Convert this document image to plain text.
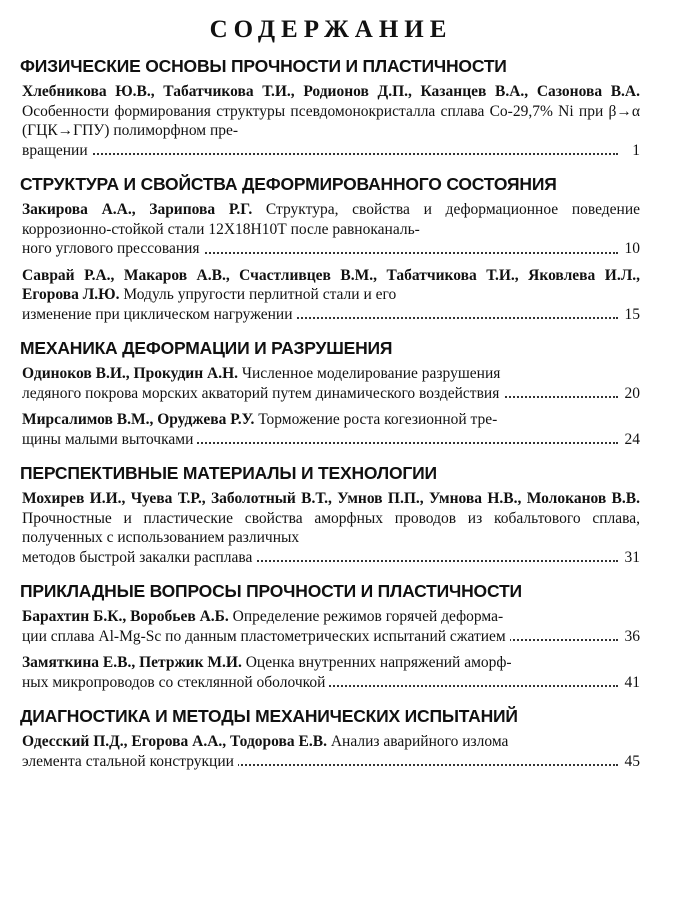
СОДЕРЖАНИЕ
ФИЗИЧЕСКИЕ ОСНОВЫ ПРОЧНОСТИ И ПЛАСТИЧНОСТИ
Хлебникова Ю.В., Табатчикова Т.И., Родионов Д.П., Казанцев В.А., Сазонова В.А. Особенности формирования структуры псевдомонокристалла сплава Со-29,7% Ni при β→α (ГЦК→ГПУ) полиморфном пре-
вращении	1
СТРУКТУРА И СВОЙСТВА ДЕФОРМИРОВАННОГО СОСТОЯНИЯ
Закирова А.А., Зарипова Р.Г. Структура, свойства и деформационное поведение коррозионно-стойкой стали 12Х18Н10Т после равноканаль-
ного углового прессования	10
Саврай Р.А., Макаров А.В., Счастливцев В.М., Табатчикова Т.И., Яковлева И.Л., Егорова Л.Ю. Модуль упругости перлитной стали и его
изменение при циклическом нагружении	15
МЕХАНИКА ДЕФОРМАЦИИ И РАЗРУШЕНИЯ
Одиноков В.И., Прокудин А.Н. Численное моделирование разрушения
ледяного покрова морских акваторий путем динамического воздействия	20
Мирсалимов В.М., Оруджева Р.У. Торможение роста когезионной тре-
щины малыми выточками	24
ПЕРСПЕКТИВНЫЕ МАТЕРИАЛЫ И ТЕХНОЛОГИИ
Мохирев И.И., Чуева Т.Р., Заболотный В.Т., Умнов П.П., Умнова Н.В., Молоканов В.В. Прочностные и пластические свойства аморфных проводов из кобальтового сплава, полученных с использованием различных
методов быстрой закалки расплава	31
ПРИКЛАДНЫЕ ВОПРОСЫ ПРОЧНОСТИ И ПЛАСТИЧНОСТИ
Барахтин Б.К., Воробьев А.Б. Определение режимов горячей деформа-
ции сплава Al-Mg-Sc по данным пластометрических испытаний сжатием	36
Замяткина Е.В., Петржик М.И. Оценка внутренних напряжений аморф-
ных микропроводов со стеклянной оболочкой	41
ДИАГНОСТИКА И МЕТОДЫ МЕХАНИЧЕСКИХ ИСПЫТАНИЙ
Одесский П.Д., Егорова А.А., Тодорова Е.В. Анализ аварийного излома
элемента стальной конструкции	45
